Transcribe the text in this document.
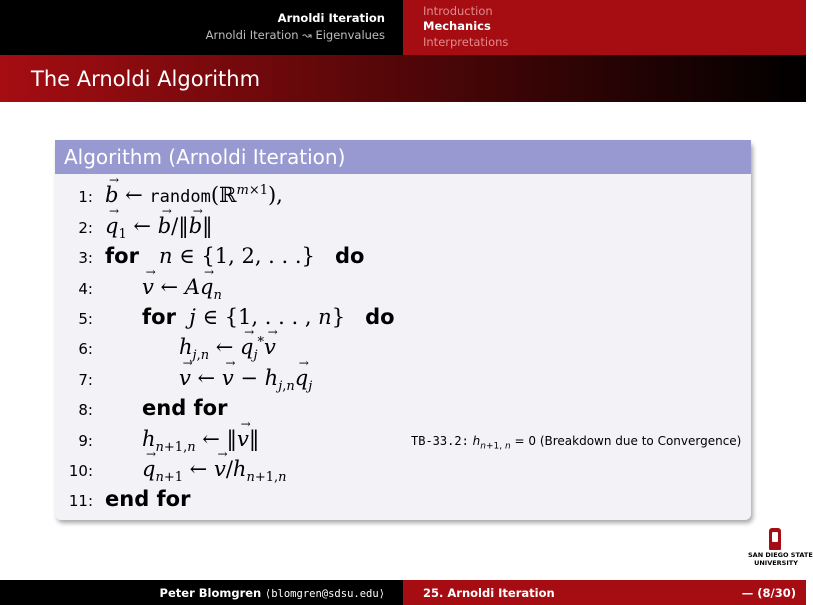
Arnoldi Iteration
Arnoldi Iteration ↝ Eigenvalues
Introduction
Mechanics
Interpretations
The Arnoldi Algorithm
Algorithm (Arnoldi Iteration)
1: → b ← random(ℝ$^{m\times 1}$),
2: → $q_1$ ← → b/‖→ b‖
3: for n ∈ {1, 2, . . .}   do
4: → v ← $A\to q_n$
5: for j ∈ {1, . . . , n}   do
6:	$h_{j,n}$ ← → $q_j^*\to v$
7:	→ v ← → $v - h_{j,n}\to q_j$
8: end for
9: $h_{n+1,n}$ ← ‖→ v‖
10: → $q_{n+1}$ ← → $v/h_{n+1,n}$
11: end for
TB-33.2: $h_{n+1, n} = 0$ (Breakdown due to Convergence)
SAN DIEGO STATE
UNIVERSITY
Peter Blomgren ⟨blomgren@sdsu.edu⟩	25. Arnoldi Iteration	— (8/30)
